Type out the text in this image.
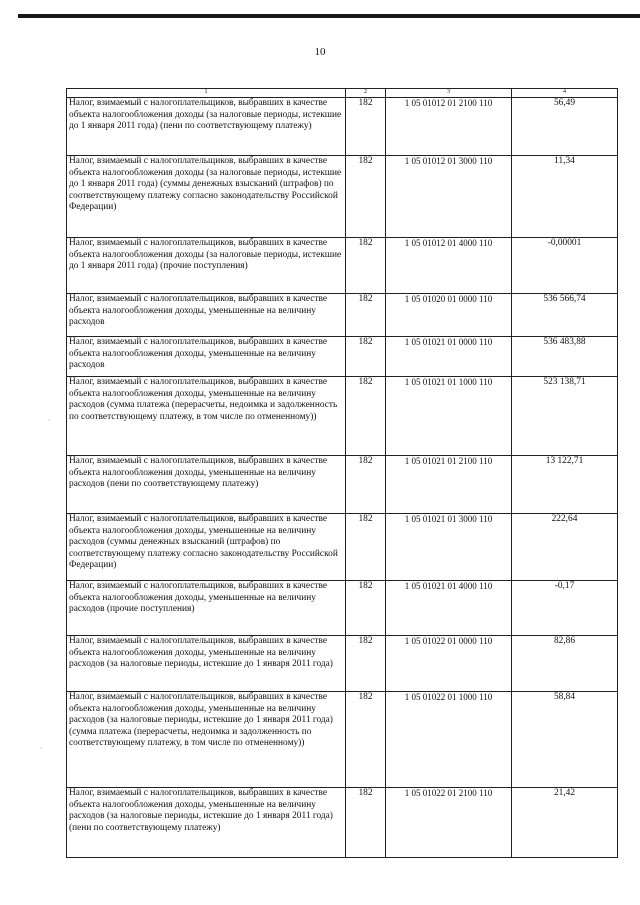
10
·
·
1	2	3	4
Налог, взимаемый с налогоплательщиков, выбравших в качестве объекта налогообложения доходы (за налоговые периоды, истекшие до 1 января 2011 года) (пени по соответствующему платежу)	182	1 05 01012 01 2100 110	56,49
Налог, взимаемый с налогоплательщиков, выбравших в качестве объекта налогообложения доходы (за налоговые периоды, истекшие до 1 января 2011 года) (суммы денежных взысканий (штрафов) по соответствующему платежу согласно законодательству Российской Федерации)	182	1 05 01012 01 3000 110	11,34
Налог, взимаемый с налогоплательщиков, выбравших в качестве объекта налогообложения доходы (за налоговые периоды, истекшие до 1 января 2011 года) (прочие поступления)	182	1 05 01012 01 4000 110	-0,00001
Налог, взимаемый с налогоплательщиков, выбравших в качестве объекта налогообложения доходы, уменьшенные на величину расходов	182	1 05 01020 01 0000 110	536 566,74
Налог, взимаемый с налогоплательщиков, выбравших в качестве объекта налогообложения доходы, уменьшенные на величину расходов	182	1 05 01021 01 0000 110	536 483,88
Налог, взимаемый с налогоплательщиков, выбравших в качестве объекта налогообложения доходы, уменьшенные на величину расходов (сумма платежа (перерасчеты, недоимка и задолженность по соответствующему платежу, в том числе по отмененному))	182	1 05 01021 01 1000 110	523 138,71
Налог, взимаемый с налогоплательщиков, выбравших в качестве объекта налогообложения доходы, уменьшенные на величину расходов (пени по соответствующему платежу)	182	1 05 01021 01 2100 110	13 122,71
Налог, взимаемый с налогоплательщиков, выбравших в качестве объекта налогообложения доходы, уменьшенные на величину расходов (суммы денежных взысканий (штрафов) по соответствующему платежу согласно законодательству Российской Федерации)	182	1 05 01021 01 3000 110	222,64
Налог, взимаемый с налогоплательщиков, выбравших в качестве объекта налогообложения доходы, уменьшенные на величину расходов (прочие поступления)	182	1 05 01021 01 4000 110	-0,17
Налог, взимаемый с налогоплательщиков, выбравших в качестве объекта налогообложения доходы, уменьшенные на величину расходов (за налоговые периоды, истекшие до 1 января 2011 года)	182	1 05 01022 01 0000 110	82,86
Налог, взимаемый с налогоплательщиков, выбравших в качестве объекта налогообложения доходы, уменьшенные на величину расходов (за налоговые периоды, истекшие до 1 января 2011 года) (сумма платежа (перерасчеты, недоимка и задолженность по соответствующему платежу, в том числе по отмененному))	182	1 05 01022 01 1000 110	58,84
Налог, взимаемый с налогоплательщиков, выбравших в качестве объекта налогообложения доходы, уменьшенные на величину расходов (за налоговые периоды, истекшие до 1 января 2011 года) (пени по соответствующему платежу)	182	1 05 01022 01 2100 110	21,42
